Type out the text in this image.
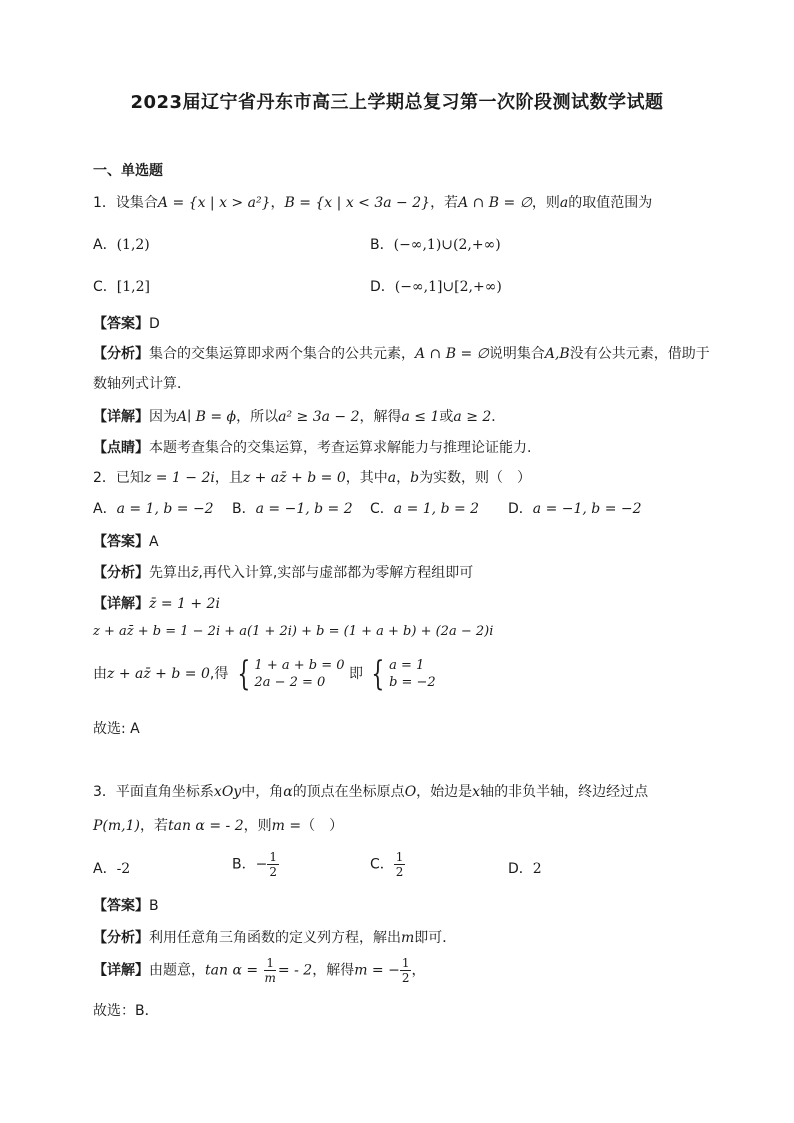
2023届辽宁省丹东市高三上学期总复习第一次阶段测试数学试题
一、单选题
1．设集合A = {x | x > a²}，B = {x | x < 3a − 2}，若A ∩ B = ∅，则a的取值范围为
A．(1,2)	B．(−∞,1)∪(2,+∞)
C．[1,2]	D．(−∞,1]∪[2,+∞)
【答案】D
【分析】集合的交集运算即求两个集合的公共元素，A ∩ B = ∅说明集合A,B没有公共元素，借助于
数轴列式计算．
【详解】因为A∣ B = ϕ，所以a² ≥ 3a − 2，解得a ≤ 1或a ≥ 2．
【点睛】本题考查集合的交集运算，考查运算求解能力与推理论证能力.
2．已知z = 1 − 2i，且z + az̄ + b = 0，其中a，b为实数，则（　）
A．a = 1, b = −2 B．a = −1, b = 2 C．a = 1, b = 2 D．a = −1, b = −2
【答案】A
【分析】先算出z̄,再代入计算,实部与虚部都为零解方程组即可
【详解】z̄ = 1 + 2i
z + az̄ + b = 1 − 2i + a(1 + 2i) + b = (1 + a + b) + (2a − 2)i
由z + az̄ + b = 0,得 { 1 + a + b = 0
2a − 2 = 0
即 { a = 1
b = −2
故选: A
3．平面直角坐标系xOy中，角α的顶点在坐标原点O，始边是x轴的非负半轴，终边经过点
P(m,1)，若tan α = - 2，则m =（　）
A．-2	B．− $\frac{1}{2}$	C． $\frac{1}{2}$	D．2
【答案】B
【分析】利用任意角三角函数的定义列方程，解出m即可．
【详解】由题意，$\tan \alpha = \frac{1}{m}$ = - 2，解得m = − $\frac{1}{2}$ ，
故选：B．
